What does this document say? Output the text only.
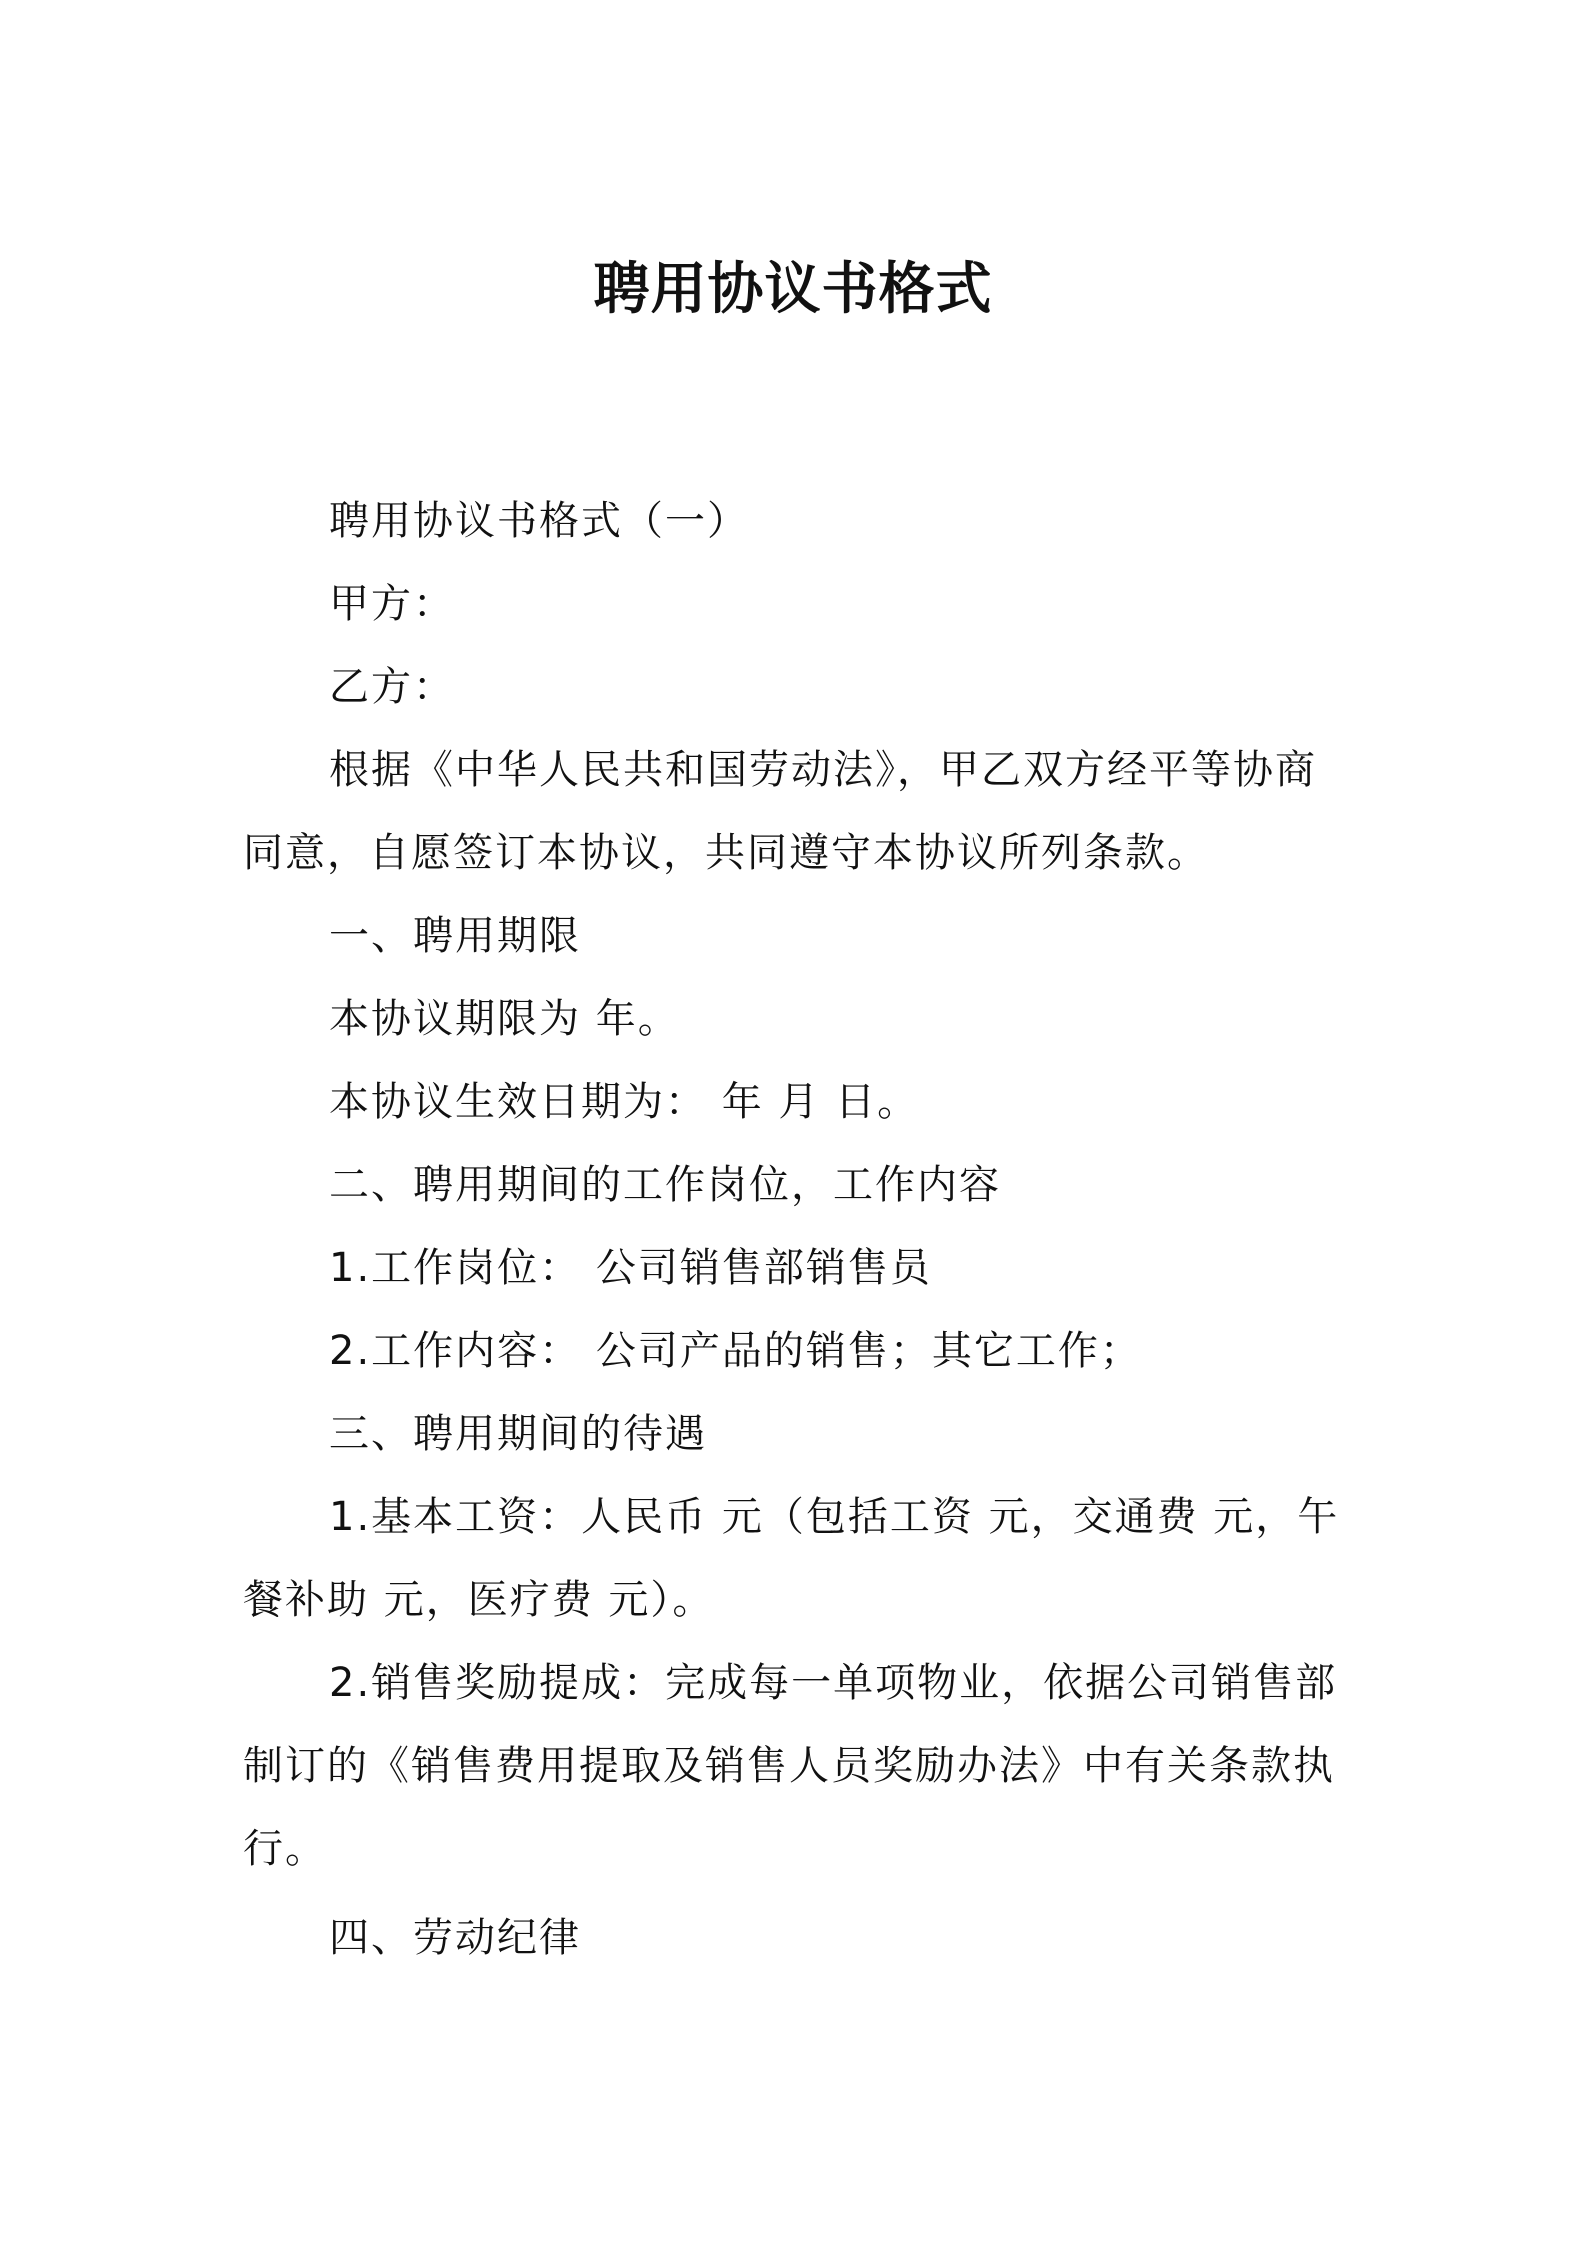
聘用协议书格式

聘用协议书格式（一）

甲方：

乙方：

根据《中华人民共和国劳动法》，甲乙双方经平等协商同意，自愿签订本协议，共同遵守本协议所列条款。

一、聘用期限

本协议期限为 年。

本协议生效日期为： 年 月 日。

二、聘用期间的工作岗位，工作内容

1.工作岗位： 公司销售部销售员

2.工作内容： 公司产品的销售；其它工作；

三、聘用期间的待遇

1.基本工资：人民币 元（包括工资 元，交通费 元，午餐补助 元，医疗费 元）。

2.销售奖励提成：完成每一单项物业，依据公司销售部制订的《销售费用提取及销售人员奖励办法》中有关条款执行。

四、劳动纪律
